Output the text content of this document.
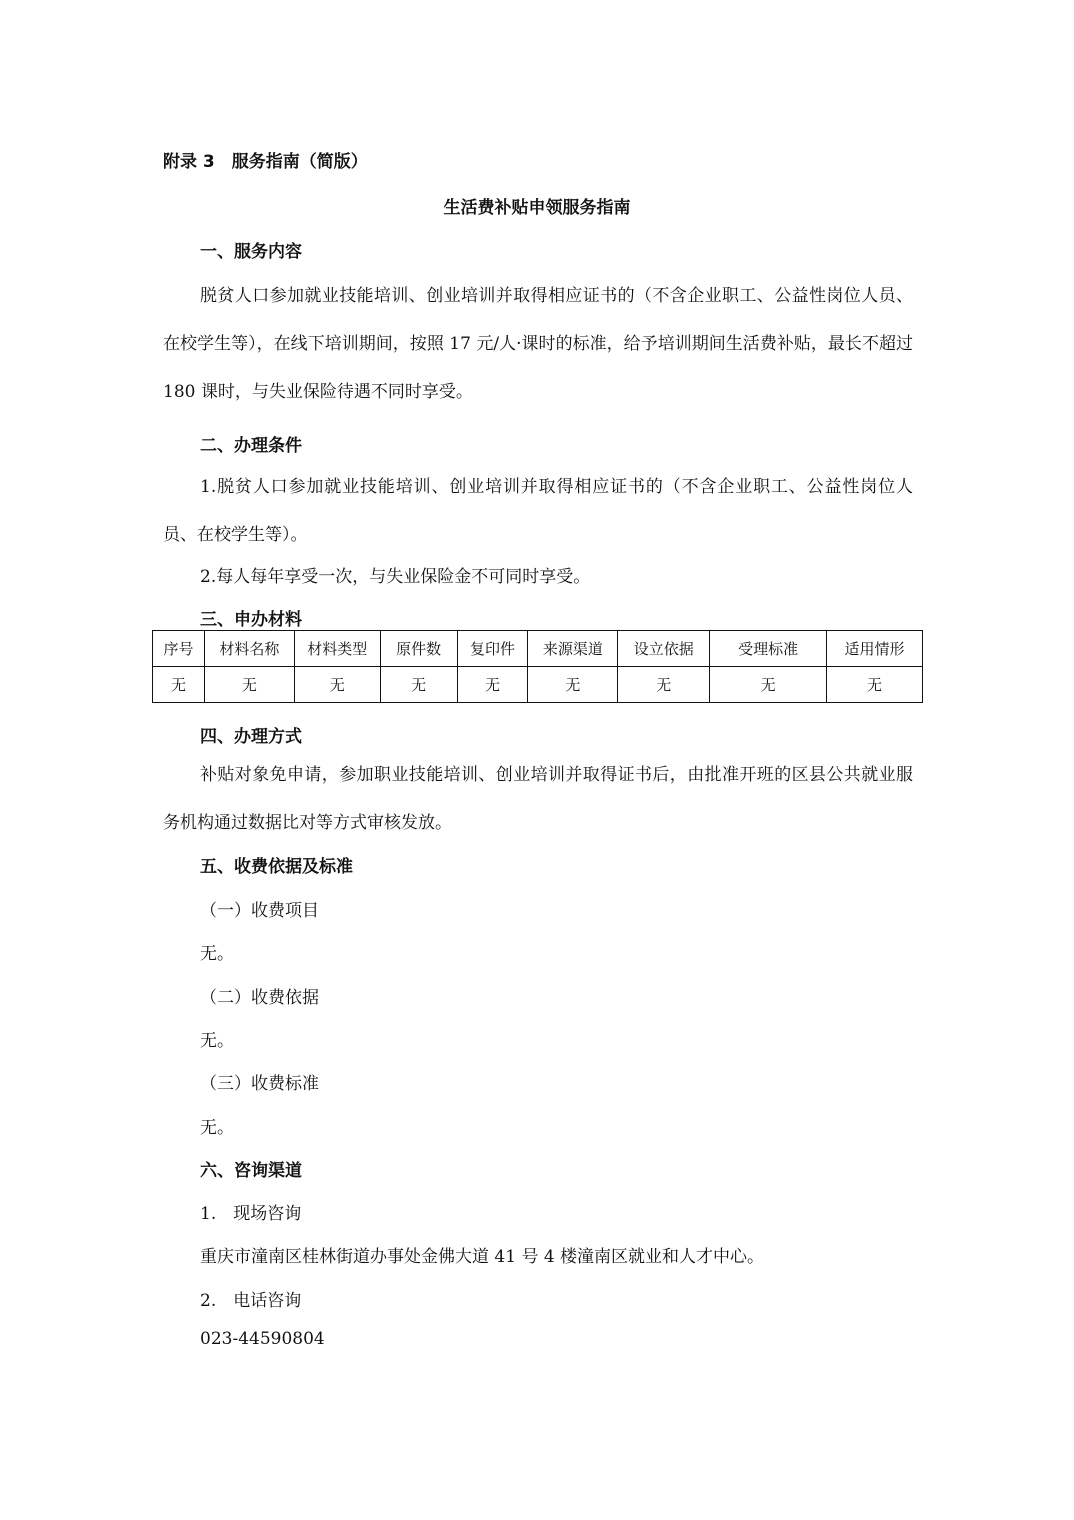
附录 3　服务指南（简版）
生活费补贴申领服务指南
一、服务内容
脱贫人口参加就业技能培训、创业培训并取得相应证书的（不含企业职工、公益性岗位人员、在校学生等），在线下培训期间，按照 17 元/人·课时的标准，给予培训期间生活费补贴，最长不超过 180 课时，与失业保险待遇不同时享受。
二、办理条件
1.脱贫人口参加就业技能培训、创业培训并取得相应证书的（不含企业职工、公益性岗位人员、在校学生等）。
2.每人每年享受一次，与失业保险金不可同时享受。
三、申办材料
序号	材料名称	材料类型	原件数	复印件	来源渠道	设立依据	受理标准	适用情形
无	无	无	无	无	无	无	无	无
四、办理方式
补贴对象免申请，参加职业技能培训、创业培训并取得证书后，由批准开班的区县公共就业服务机构通过数据比对等方式审核发放。
五、收费依据及标准
（一）收费项目
无。
（二）收费依据
无。
（三）收费标准
无。
六、咨询渠道
1.　现场咨询
重庆市潼南区桂林街道办事处金佛大道 41 号 4 楼潼南区就业和人才中心。
2.　电话咨询
023-44590804
